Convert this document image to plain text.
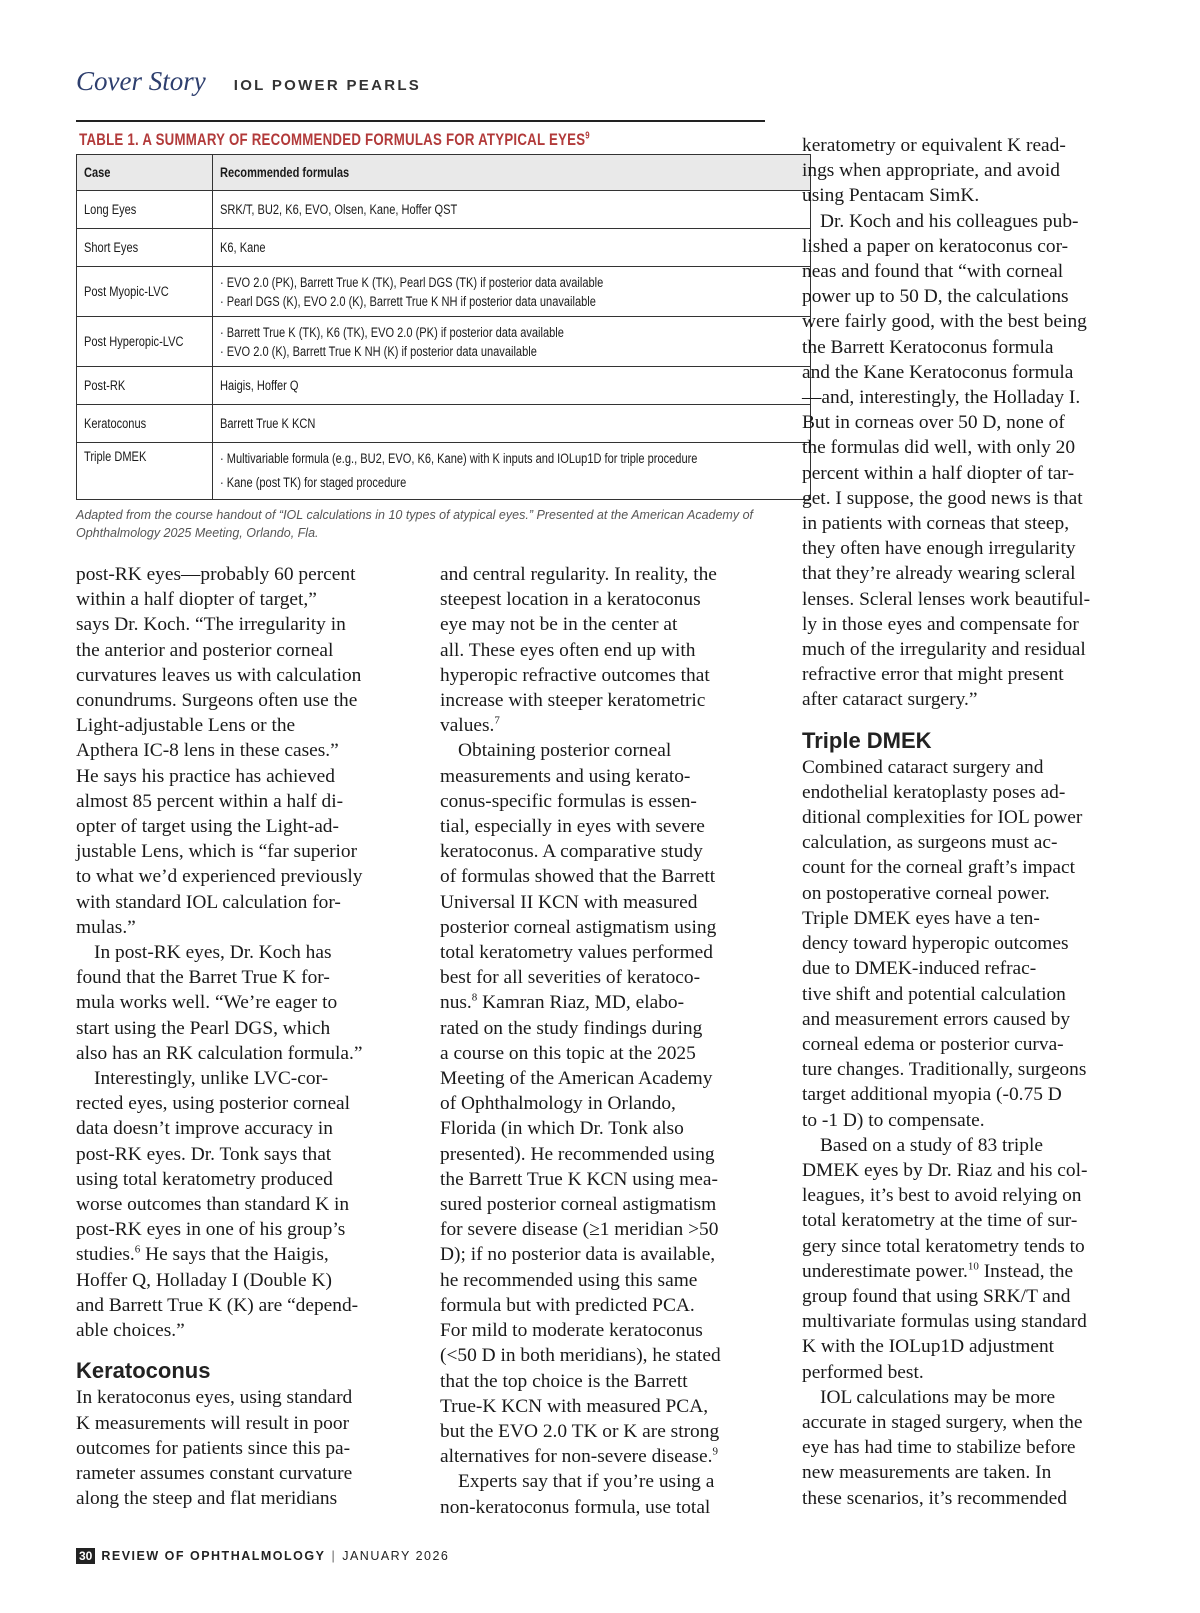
Cover Story IOL POWER PEARLS
TABLE 1. A SUMMARY OF RECOMMENDED FORMULAS FOR ATYPICAL EYES$^9$
Case	Recommended formulas
Long Eyes	SRK/T, BU2, K6, EVO, Olsen, Kane, Hoffer QST
Short Eyes	K6, Kane
Post Myopic-LVC	· EVO 2.0 (PK), Barrett True K (TK), Pearl DGS (TK) if posterior data available
· Pearl DGS (K), EVO 2.0 (K), Barrett True K NH if posterior data unavailable

Post Hyperopic-LVC	· Barrett True K (TK), K6 (TK), EVO 2.0 (PK) if posterior data available
· EVO 2.0 (K), Barrett True K NH (K) if posterior data unavailable

Post-RK	Haigis, Hoffer Q
Keratoconus	Barrett True K KCN
Triple DMEK	· Multivariable formula (e.g., BU2, EVO, K6, Kane) with K inputs and IOLup1D for triple procedure
· Kane (post TK) for staged procedure
Adapted from the course handout of “IOL calculations in 10 types of atypical eyes.” Presented at the American Academy of
Ophthalmology 2025 Meeting, Orlando, Fla.

post-RK eyes—probably 60 percent

within a half diopter of target,”

says Dr. Koch. “The irregularity in

the anterior and posterior corneal

curvatures leaves us with calculation

conundrums. Surgeons often use the

Light-adjustable Lens or the

Apthera IC-8 lens in these cases.”

He says his practice has achieved

almost 85 percent within a half di-

opter of target using the Light-ad-

justable Lens, which is “far superior

to what we’d experienced previously

with standard IOL calculation for-

mulas.”

In post-RK eyes, Dr. Koch has

found that the Barret True K for-

mula works well. “We’re eager to

start using the Pearl DGS, which

also has an RK calculation formula.”

Interestingly, unlike LVC-cor-

rected eyes, using posterior corneal

data doesn’t improve accuracy in

post-RK eyes. Dr. Tonk says that

using total keratometry produced

worse outcomes than standard K in

post-RK eyes in one of his group’s

studies.$^6$ He says that the Haigis,

Hoffer Q, Holladay I (Double K)

and Barrett True K (K) are “depend-

able choices.”

Keratoconus

In keratoconus eyes, using standard

K measurements will result in poor

outcomes for patients since this pa-

rameter assumes constant curvature

along the steep and flat meridians

and central regularity. In reality, the

steepest location in a keratoconus

eye may not be in the center at

all. These eyes often end up with

hyperopic refractive outcomes that

increase with steeper keratometric

values.$^7$

Obtaining posterior corneal

measurements and using kerato-

conus-specific formulas is essen-

tial, especially in eyes with severe

keratoconus. A comparative study

of formulas showed that the Barrett

Universal II KCN with measured

posterior corneal astigmatism using

total keratometry values performed

best for all severities of keratoco-

nus.$^8$ Kamran Riaz, MD, elabo-

rated on the study findings during

a course on this topic at the 2025

Meeting of the American Academy

of Ophthalmology in Orlando,

Florida (in which Dr. Tonk also

presented). He recommended using

the Barrett True K KCN using mea-

sured posterior corneal astigmatism

for severe disease (≥1 meridian >50

D); if no posterior data is available,

he recommended using this same

formula but with predicted PCA.

For mild to moderate keratoconus

(<50 D in both meridians), he stated

that the top choice is the Barrett

True-K KCN with measured PCA,

but the EVO 2.0 TK or K are strong

alternatives for non-severe disease.$^9$

Experts say that if you’re using a

non-keratoconus formula, use total

keratometry or equivalent K read-

ings when appropriate, and avoid

using Pentacam SimK.

Dr. Koch and his colleagues pub-

lished a paper on keratoconus cor-

neas and found that “with corneal

power up to 50 D, the calculations

were fairly good, with the best being

the Barrett Keratoconus formula

and the Kane Keratoconus formula

—and, interestingly, the Holladay I.

But in corneas over 50 D, none of

the formulas did well, with only 20

percent within a half diopter of tar-

get. I suppose, the good news is that

in patients with corneas that steep,

they often have enough irregularity

that they’re already wearing scleral

lenses. Scleral lenses work beautiful-

ly in those eyes and compensate for

much of the irregularity and residual

refractive error that might present

after cataract surgery.”

Triple DMEK

Combined cataract surgery and

endothelial keratoplasty poses ad-

ditional complexities for IOL power

calculation, as surgeons must ac-

count for the corneal graft’s impact

on postoperative corneal power.

Triple DMEK eyes have a ten-

dency toward hyperopic outcomes

due to DMEK-induced refrac-

tive shift and potential calculation

and measurement errors caused by

corneal edema or posterior curva-

ture changes. Traditionally, surgeons

target additional myopia (-0.75 D

to -1 D) to compensate.

Based on a study of 83 triple

DMEK eyes by Dr. Riaz and his col-

leagues, it’s best to avoid relying on

total keratometry at the time of sur-

gery since total keratometry tends to

underestimate power.$^{10}$ Instead, the

group found that using SRK/T and

multivariate formulas using standard

K with the IOLup1D adjustment

performed best.

IOL calculations may be more

accurate in staged surgery, when the

eye has had time to stabilize before

new measurements are taken. In

these scenarios, it’s recommended

30 REVIEW OF OPHTHALMOLOGY | JANUARY 2026
